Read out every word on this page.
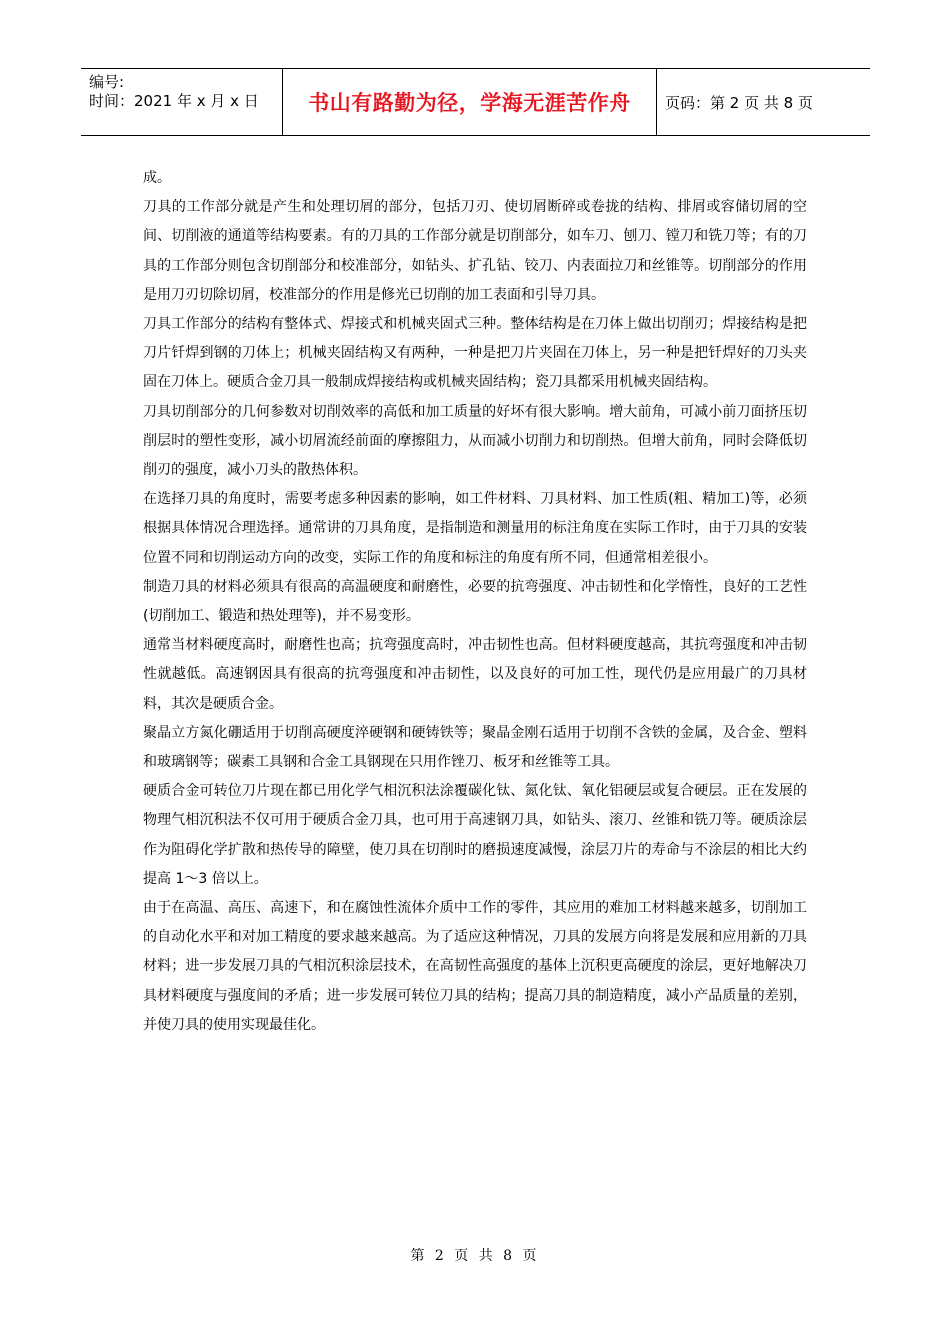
编号:
时间：2021 年 x 月 x 日	书山有路勤为径，学海无涯苦作舟 页码：第 2 页 共 8 页

成。

刀具的工作部分就是产生和处理切屑的部分，包括刀刃、使切屑断碎或卷拢的结构、排屑或容储切屑的空间、切削液的通道等结构要素。有的刀具的工作部分就是切削部分，如车刀、刨刀、镗刀和铣刀等；有的刀具的工作部分则包含切削部分和校准部分，如钻头、扩孔钻、铰刀、内表面拉刀和丝锥等。切削部分的作用是用刀刃切除切屑，校准部分的作用是修光已切削的加工表面和引导刀具。

刀具工作部分的结构有整体式、焊接式和机械夹固式三种。整体结构是在刀体上做出切削刃；焊接结构是把刀片钎焊到钢的刀体上；机械夹固结构又有两种，一种是把刀片夹固在刀体上，另一种是把钎焊好的刀头夹固在刀体上。硬质合金刀具一般制成焊接结构或机械夹固结构；瓷刀具都采用机械夹固结构。

刀具切削部分的几何参数对切削效率的高低和加工质量的好坏有很大影响。增大前角，可减小前刀面挤压切削层时的塑性变形，减小切屑流经前面的摩擦阻力，从而减小切削力和切削热。但增大前角，同时会降低切削刃的强度，减小刀头的散热体积。

在选择刀具的角度时，需要考虑多种因素的影响，如工件材料、刀具材料、加工性质(粗、精加工)等，必须根据具体情况合理选择。通常讲的刀具角度，是指制造和测量用的标注角度在实际工作时，由于刀具的安装位置不同和切削运动方向的改变，实际工作的角度和标注的角度有所不同，但通常相差很小。

制造刀具的材料必须具有很高的高温硬度和耐磨性，必要的抗弯强度、冲击韧性和化学惰性，良好的工艺性(切削加工、锻造和热处理等)，并不易变形。

通常当材料硬度高时，耐磨性也高；抗弯强度高时，冲击韧性也高。但材料硬度越高，其抗弯强度和冲击韧性就越低。高速钢因具有很高的抗弯强度和冲击韧性，以及良好的可加工性，现代仍是应用最广的刀具材料，其次是硬质合金。

聚晶立方氮化硼适用于切削高硬度淬硬钢和硬铸铁等；聚晶金刚石适用于切削不含铁的金属，及合金、塑料和玻璃钢等；碳素工具钢和合金工具钢现在只用作锉刀、板牙和丝锥等工具。

硬质合金可转位刀片现在都已用化学气相沉积法涂覆碳化钛、氮化钛、氧化铝硬层或复合硬层。正在发展的物理气相沉积法不仅可用于硬质合金刀具，也可用于高速钢刀具，如钻头、滚刀、丝锥和铣刀等。硬质涂层作为阻碍化学扩散和热传导的障壁，使刀具在切削时的磨损速度减慢，涂层刀片的寿命与不涂层的相比大约提高 1～3 倍以上。

由于在高温、高压、高速下，和在腐蚀性流体介质中工作的零件，其应用的难加工材料越来越多，切削加工的自动化水平和对加工精度的要求越来越高。为了适应这种情况，刀具的发展方向将是发展和应用新的刀具材料；进一步发展刀具的气相沉积涂层技术，在高韧性高强度的基体上沉积更高硬度的涂层，更好地解决刀具材料硬度与强度间的矛盾；进一步发展可转位刀具的结构；提高刀具的制造精度，减小产品质量的差别，并使刀具的使用实现最佳化。

第 2 页 共 8 页
